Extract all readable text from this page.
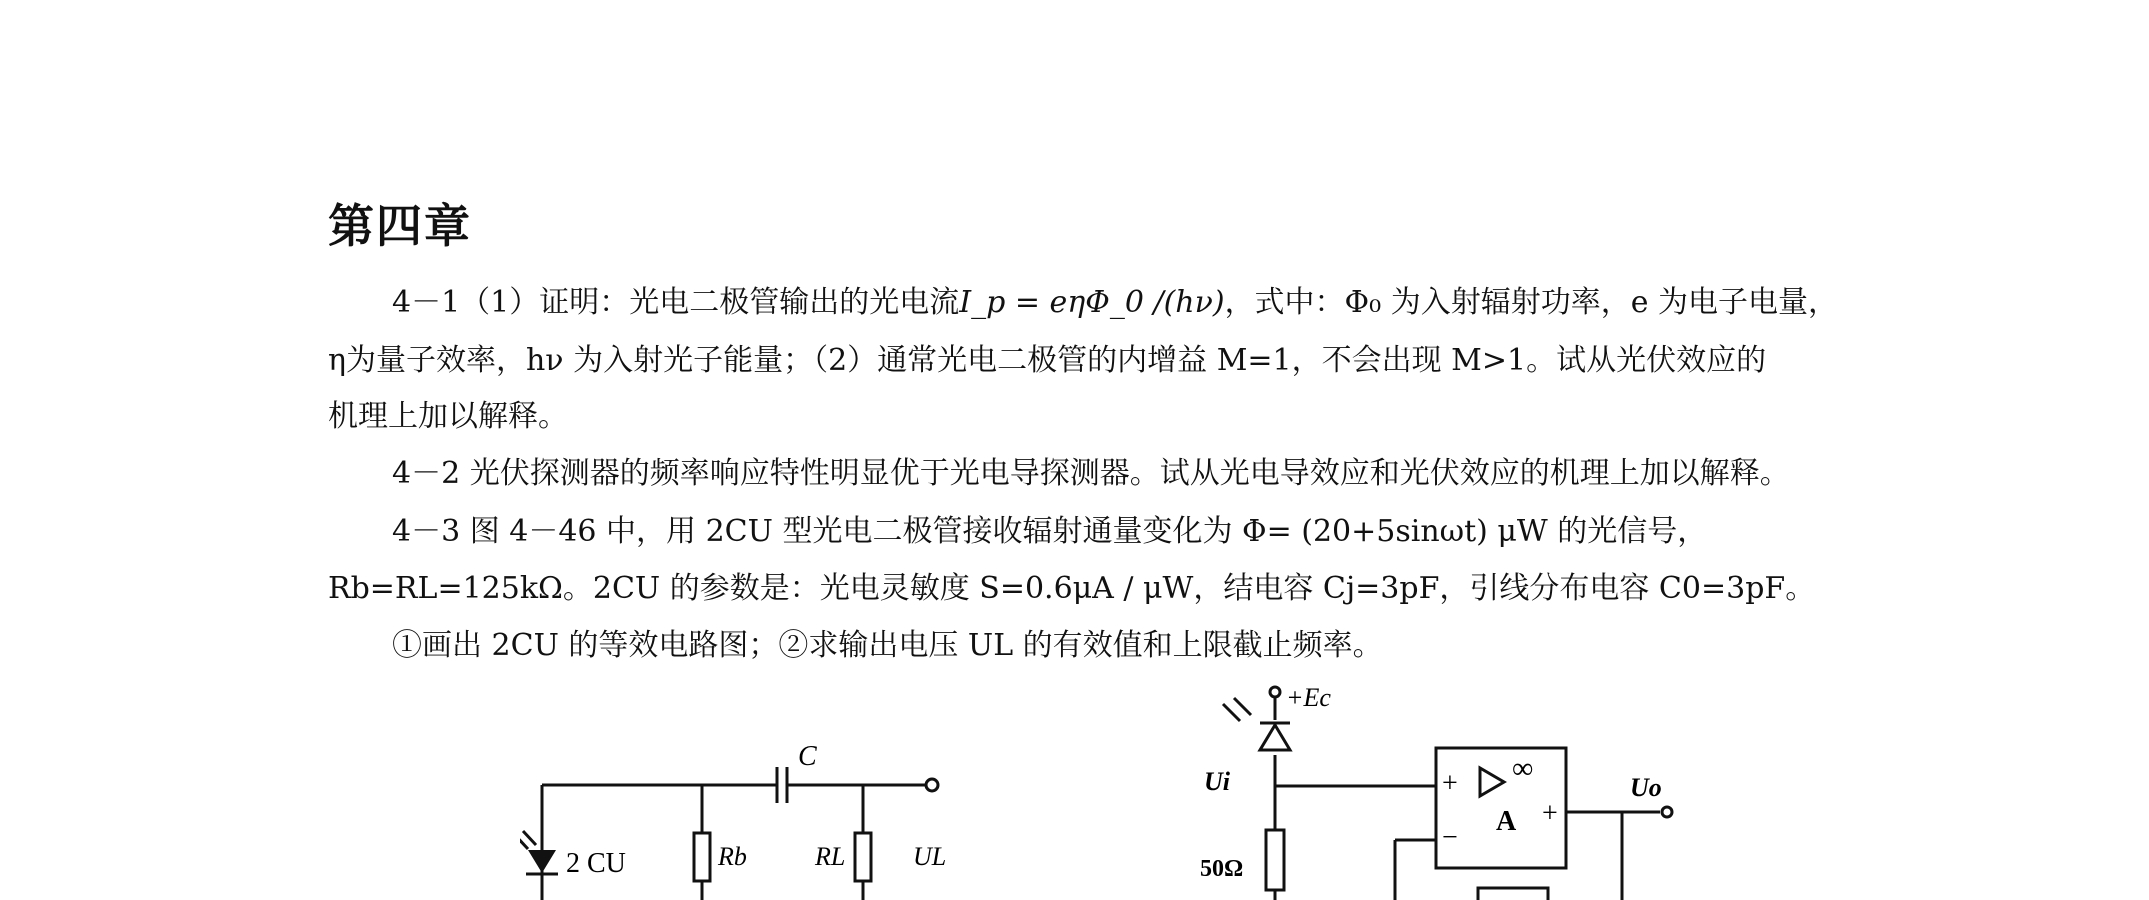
第四章
4－1（1）证明：光电二极管输出的光电流I_p = eηΦ_0 /(hν)，式中：Φ₀ 为入射辐射功率，e 为电子电量，
η为量子效率，hν 为入射光子能量；（2）通常光电二极管的内增益 M=1，不会出现 M>1。试从光伏效应的
机理上加以解释。
4－2 光伏探测器的频率响应特性明显优于光电导探测器。试从光电导效应和光伏效应的机理上加以解释。
4－3 图 4－46 中，用 2CU 型光电二极管接收辐射通量变化为 Φ= (20+5sinωt) μW 的光信号，
Rb=RL=125kΩ。2CU 的参数是：光电灵敏度 S=0.6μA / μW，结电容 Cj=3pF，引线分布电容 C0=3pF。
①画出 2CU 的等效电路图；②求输出电压 UL 的有效值和上限截止频率。
C
2 CU	Rb	RL	UL
+Ec
Ui
50Ω
+
−
∞
A +
Uo
